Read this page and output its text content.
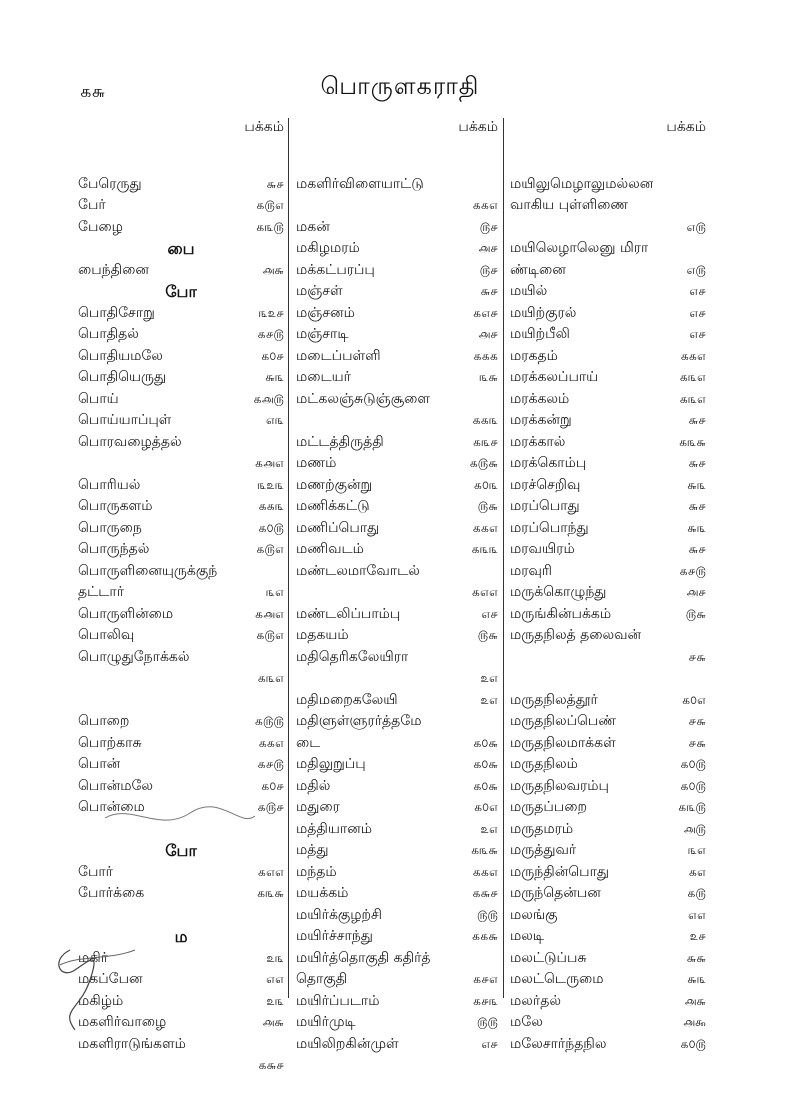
௧௬	பொருளகராதி
பக்கம்
பேரெருது	௬௪
பேர்	௧௫௭
பேழை	௧௩௫
பை
பைந்தினை	௮௬
போ
பொதிசோறு	௩௨௪
பொதிதல்	௧௪௫
பொதியமலே	௧௦௪
பொதியெருது	௬௩
பொய்	௧௮௫
பொய்யாப்புள்	௭௩
பொரவழைத்தல்
௧௮௭
பொரியல்	௩௨௩
பொருகளம்	௧௧௩
பொருநை	௧௦௫
பொருந்தல்	௧௫௭
பொருளினையுருக்குந்
தட்டார்	௩௭
பொருளின்மை	௧௮௭
பொலிவு	௧௫௭
பொழுதுநோக்கல்
௧௩௭
பொறை	௧௫௫
பொற்காசு	௧௧௭
பொன்	௧௪௫
பொன்மலே	௧௦௪
பொன்மை	௧௫௪
போ
போர்	௧௭௭
போர்க்கை	௧௩௬
ம
மகிர்	௨௩
மகப்பேன	௭௭
மகிழ்ம்	௨௩
மகளிர்வாழை	௮௬
மகளிராடுங்களம்
௧௬௪
பக்கம்
மகளிர்விளையாட்டு
௧௧௭
மகன்	௫௪
மகிழமரம்	௮௪
மக்கட்பரப்பு	௫௪
மஞ்சள்	௬௪
மஞ்சனம்	௧௭௪
மஞ்சாடி	௮௪
மடைப்பள்ளி	௧௧௧
மடையர்	௩௬
மட்கலஞ்சுடுஞ்சூளை
௧௧௩
மட்டத்திருத்தி	௧௩௪
மணம்	௧௫௬
மணற்குன்று	௧௦௩
மணிக்கட்டு	௫௬
மணிப்பொது	௧௧௭
மணிவடம்	௧௩௩
மண்டலமாவோடல்
௧௭௭
மண்டலிப்பாம்பு	௭௪
மதகயம்	௫௬
மதிதெரிகலேயிரா
௨௭
மதிமறைகலேயி	௨௭
மதிளுள்ளுரர்த்தமே
டை	௧௦௬
மதிலுறுப்பு	௧௦௬
மதில்	௧௦௬
மதுரை	௧௦௭
மத்தியானம்	௨௭
மத்து	௧௩௬
மந்தம்	௧௧௭
மயக்கம்	௧௬௪
மயிர்க்குழற்சி	௫௫
மயிர்ச்சாந்து	௧௧௬
மயிர்த்தொகுதி கதிர்த்
தொகுதி	௧௪௭
மயிர்ப்படாம்	௧௪௩
மயிர்முடி	௫௫
மயிலிறகின்முள்	௭௪
பக்கம்
மயிலுமெழாலுமல்லன
வாகிய புள்ளிணை
௭௫
மயிலெழாலெனு மிரா
ண்டினை	௭௫
மயில்	௭௪
மயிற்குரல்	௭௪
மயிற்பீலி	௭௪
மரகதம்	௧௧௭
மரக்கலப்பாய்	௧௩௭
மரக்கலம்	௧௩௭
மரக்கன்று	௬௪
மரக்கால்	௧௩௬
மரக்கொம்பு	௬௪
மரச்செறிவு	௬௩
மரப்பொது	௬௪
மரப்பொந்து	௬௩
மரவயிரம்	௬௪
மரவுரி	௧௪௫
மருக்கொழுந்து	௮௪
மருங்கின்பக்கம்	௫௬
மருதநிலத் தலைவன்
௪௬
மருதநிலத்தூர்	௧௦௭
மருதநிலப்பெண்	௪௬
மருதநிலமாக்கள்	௪௬
மருதநிலம்	௧௦௫
மருதநிலவரம்பு	௧௦௫
மருதப்பறை	௧௩௫
மருதமரம்	௮௫
மருத்துவர்	௩௭
மருந்தின்பொது	௧௭
மருந்தென்பன	௧௫
மலங்கு	௭௭
மலடி	௨௪
மலட்டுப்பசு	௬௬
மலட்டெருமை	௬௩
மலர்தல்	௮௬
மலே	௮௯
மலேசார்ந்தநில	௧௦௫
